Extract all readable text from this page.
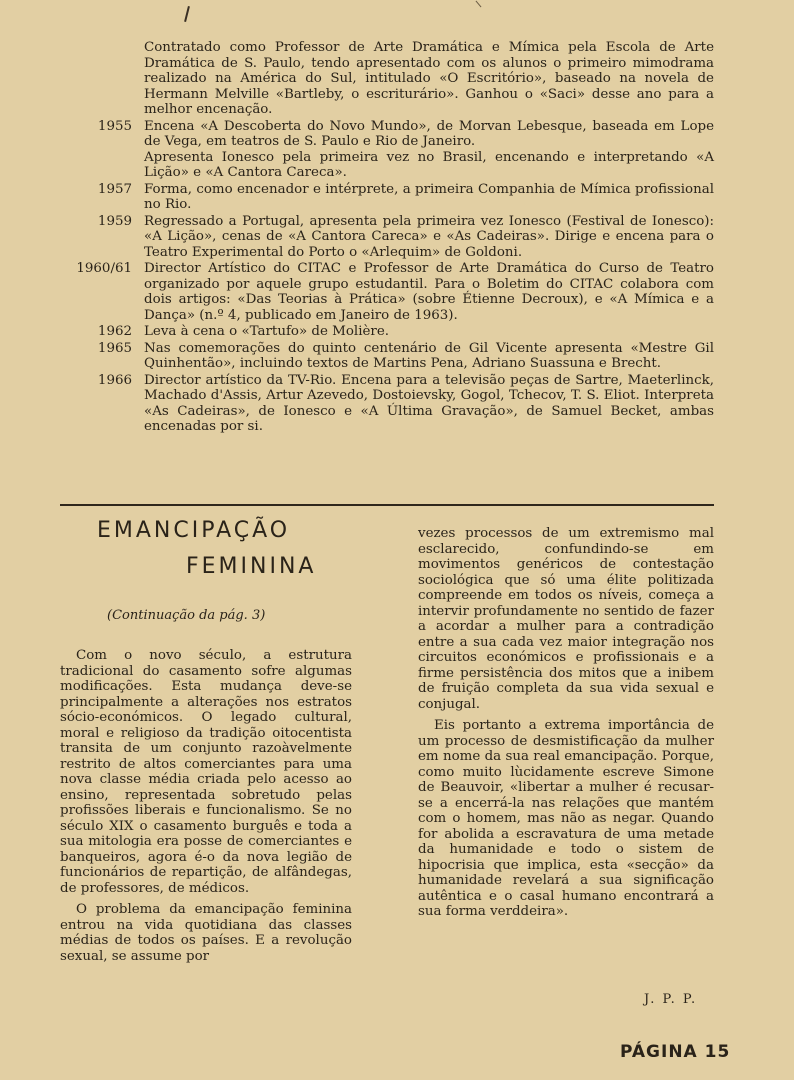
Contratado como Professor de Arte Dramática e Mímica pela Escola de Arte Dramática de S. Paulo, tendo apresentado com os alunos o primeiro mimodrama realizado na América do Sul, intitulado «O Escritório», baseado na novela de Hermann Melville «Bartleby, o escriturário». Ganhou o «Saci» desse ano para a melhor encenação.

1955 Encena «A Descoberta do Novo Mundo», de Morvan Lebesque, baseada em Lope de Vega, em teatros de S. Paulo e Rio de Janeiro.

Apresenta Ionesco pela primeira vez no Brasil, encenando e interpretando «A Lição» e «A Cantora Careca».

1957 Forma, como encenador e intérprete, a primeira Companhia de Mímica profissional no Rio.

1959 Regressado a Portugal, apresenta pela primeira vez Ionesco (Festival de Ionesco): «A Lição», cenas de «A Cantora Careca» e «As Cadeiras». Dirige e encena para o Teatro Experimental do Porto o «Arlequim» de Goldoni.

1960/61 Director Artístico do CITAC e Professor de Arte Dramática do Curso de Teatro organizado por aquele grupo estudantil. Para o Boletim do CITAC colabora com dois artigos: «Das Teorias à Prática» (sobre Étienne Decroux), e «A Mímica e a Dança» (n.º 4, publicado em Janeiro de 1963).

1962 Leva à cena o «Tartufo» de Molière.

1965 Nas comemorações do quinto centenário de Gil Vicente apresenta «Mestre Gil Quinhentão», incluindo textos de Martins Pena, Adriano Suassuna e Brecht.

1966 Director artístico da TV-Rio. Encena para a televisão peças de Sartre, Maeterlinck, Machado d'Assis, Artur Azevedo, Dostoievsky, Gogol, Tchecov, T. S. Eliot. Interpreta «As Cadeiras», de Ionesco e «A Última Gravação», de Samuel Becket, ambas encenadas por si.

EMANCIPAÇÃO
FEMININA
(Continuação da pág. 3)

Com o novo século, a estrutura tradicional do casamento sofre algumas modificações. Esta mudança deve-se principalmente a alterações nos estratos sócio-económicos. O legado cultural, moral e religioso da tradição oitocentista transita de um conjunto razoàvelmente restrito de altos comerciantes para uma nova classe média criada pelo acesso ao ensino, representada sobretudo pelas profissões liberais e funcionalismo. Se no século XIX o casamento burguês e toda a sua mitologia era posse de comerciantes e banqueiros, agora é-o da nova legião de funcionários de repartição, de alfândegas, de professores, de médicos.

O problema da emancipação feminina entrou na vida quotidiana das classes médias de todos os países. E a revolução sexual, se assume por

vezes processos de um extremismo mal esclarecido, confundindo-se em movimentos genéricos de contestação sociológica que só uma élite politizada compreende em todos os níveis, começa a intervir profundamente no sentido de fazer a acordar a mulher para a contradição entre a sua cada vez maior integração nos circuitos económicos e profissionais e a firme persistência dos mitos que a inibem de fruição completa da sua vida sexual e conjugal.

Eis portanto a extrema importância de um processo de desmistificação da mulher em nome da sua real emancipação. Porque, como muito lùcidamente escreve Simone de Beauvoir, «libertar a mulher é recusar-se a encerrá-la nas relações que mantém com o homem, mas não as negar. Quando for abolida a escravatura de uma metade da humanidade e todo o sistem de hipocrisia que implica, esta «secção» da humanidade revelará a sua significação autêntica e o casal humano encontrará a sua forma verddeira».

J. P. P.
PÁGINA 15
